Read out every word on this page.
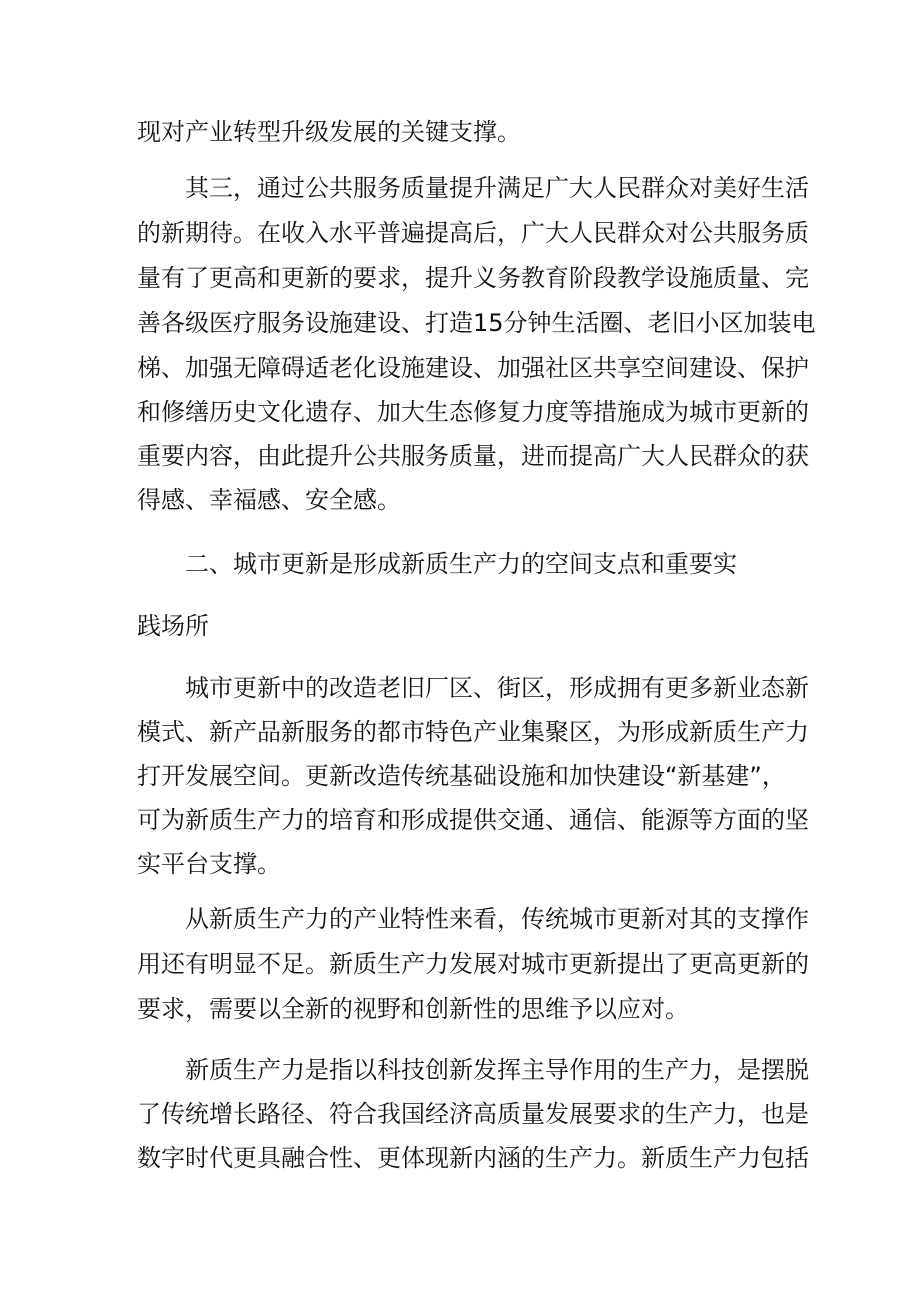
现对产业转型升级发展的关键支撑。

其三，通过公共服务质量提升满足广大人民群众对美好生活

的新期待。在收入水平普遍提高后，广大人民群众对公共服务质

量有了更高和更新的要求，提升义务教育阶段教学设施质量、完

善各级医疗服务设施建设、打造15分钟生活圈、老旧小区加装电

梯、加强无障碍适老化设施建设、加强社区共享空间建设、保护

和修缮历史文化遗存、加大生态修复力度等措施成为城市更新的

重要内容，由此提升公共服务质量，进而提高广大人民群众的获

得感、幸福感、安全感。

二、城市更新是形成新质生产力的空间支点和重要实

践场所

城市更新中的改造老旧厂区、街区，形成拥有更多新业态新

模式、新产品新服务的都市特色产业集聚区，为形成新质生产力

打开发展空间。更新改造传统基础设施和加快建设“新基建”，

可为新质生产力的培育和形成提供交通、通信、能源等方面的坚

实平台支撑。

从新质生产力的产业特性来看，传统城市更新对其的支撑作

用还有明显不足。新质生产力发展对城市更新提出了更高更新的

要求，需要以全新的视野和创新性的思维予以应对。

新质生产力是指以科技创新发挥主导作用的生产力，是摆脱

了传统增长路径、符合我国经济高质量发展要求的生产力，也是

数字时代更具融合性、更体现新内涵的生产力。新质生产力包括
